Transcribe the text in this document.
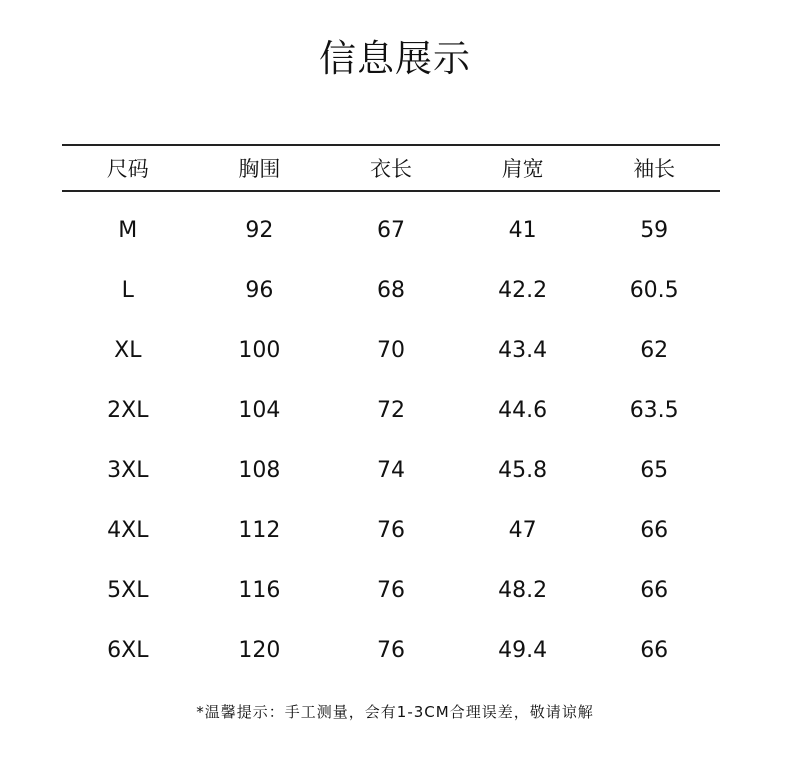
信息展示
尺码	胸围	衣长	肩宽	袖长
M	92	67	41	59
L	96	68	42.2	60.5
XL	100	70	43.4	62
2XL	104	72	44.6	63.5
3XL	108	74	45.8	65
4XL	112	76	47	66
5XL	116	76	48.2	66
6XL	120	76	49.4	66
*温馨提示：手工测量，会有1-3CM合理误差，敬请谅解
